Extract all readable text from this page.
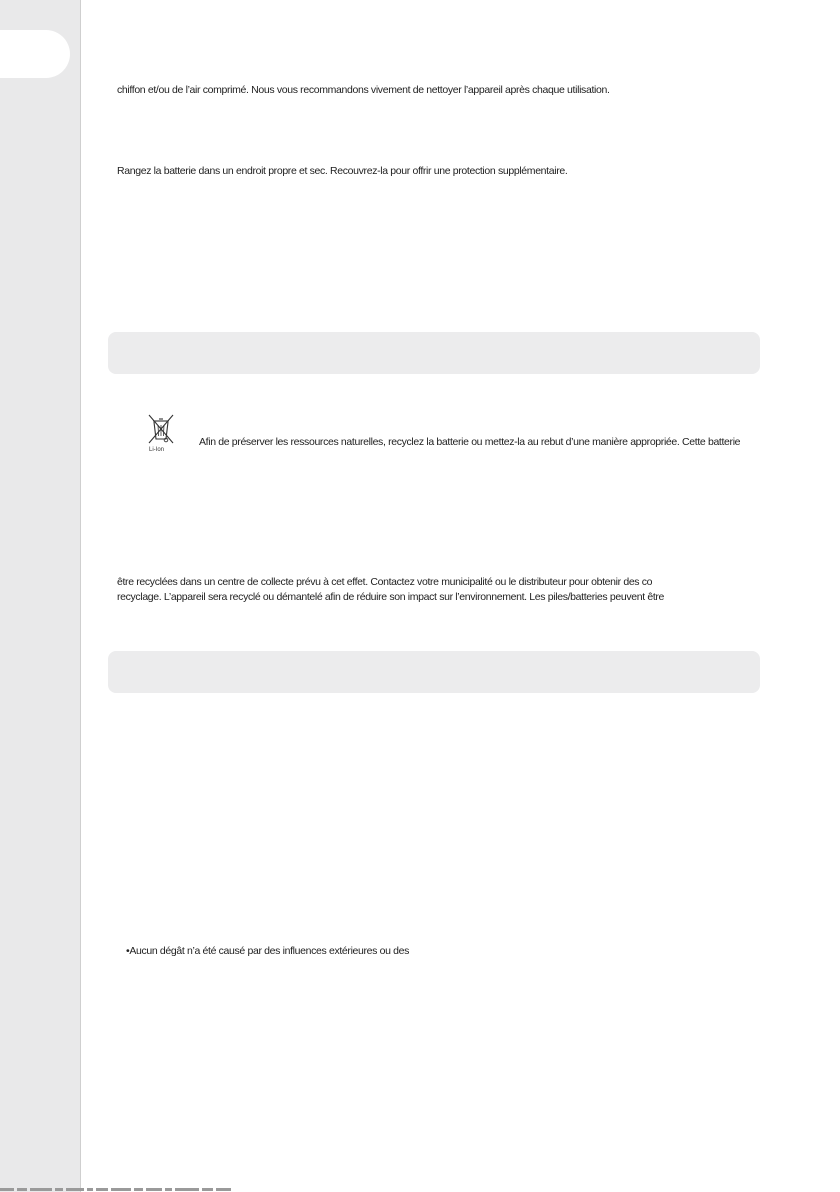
chiffon et/ou de l’air comprimé. Nous vous recommandons vivement de nettoyer l’appareil après chaque utilisation.
Rangez la batterie dans un endroit propre et sec. Recouvrez-la pour offrir une protection supplémentaire.
Li-Ion
Afin de préserver les ressources naturelles, recyclez la batterie ou mettez-la au rebut d’une manière appropriée. Cette batterie
être recyclées dans un centre de collecte prévu à cet effet. Contactez votre municipalité ou le distributeur pour obtenir des co
recyclage. L’appareil sera recyclé ou démantelé afin de réduire son impact sur l’environnement. Les piles/batteries peuvent être
•Aucun dégât n’a été causé par des influences extérieures ou des
